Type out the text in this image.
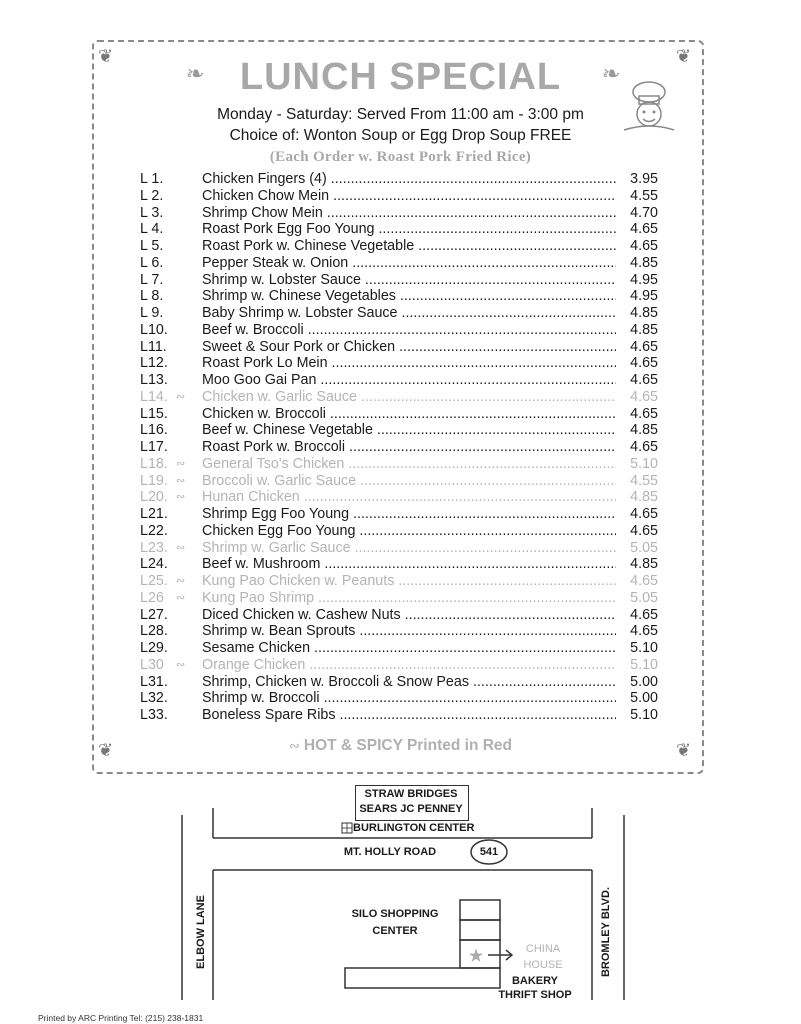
❦	❦
❦	❦
❧ LUNCH SPECIAL	❧
Monday - Saturday: Served From 11:00 am - 3:00 pm
Choice of: Wonton Soup or Egg Drop Soup FREE
(Each Order w. Roast Pork Fried Rice)
L 1.	Chicken Fingers (4) .....	3.95
L 2.	Chicken Chow Mein .....	4.55
L 3.	Shrimp Chow Mein .....	4.70
L 4.	Roast Pork Egg Foo Young .....	4.65
L 5.	Roast Pork w. Chinese Vegetable .....	4.65
L 6.	Pepper Steak w. Onion .....	4.85
L 7.	Shrimp w. Lobster Sauce .....	4.95
L 8.	Shrimp w. Chinese Vegetables .....	4.95
L 9.	Baby Shrimp w. Lobster Sauce .....	4.85
L10.	Beef w. Broccoli .....	4.85
L11.	Sweet & Sour Pork or Chicken .....	4.65
L12.	Roast Pork Lo Mein .....	4.65
L13.	Moo Goo Gai Pan .....	4.65
L14. ∾ Chicken w. Garlic Sauce .....	4.65
L15.	Chicken w. Broccoli .....	4.65
L16.	Beef w. Chinese Vegetable .....	4.85
L17.	Roast Pork w. Broccoli .....	4.65
L18. ∾ General Tso's Chicken .....	5.10
L19. ∾ Broccoli w. Garlic Sauce .....	4.55
L20. ∾ Hunan Chicken .....	4.85
L21.	Shrimp Egg Foo Young .....	4.65
L22.	Chicken Egg Foo Young .....	4.65
L23. ∾ Shrimp w. Garlic Sauce .....	5.05
L24.	Beef w. Mushroom .....	4.85
L25. ∾ Kung Pao Chicken w. Peanuts .....	4.65
L26	∾ Kung Pao Shrimp .....	5.05
L27.	Diced Chicken w. Cashew Nuts .....	4.65
L28.	Shrimp w. Bean Sprouts .....	4.65
L29.	Sesame Chicken .....	5.10
L30	∾ Orange Chicken .....	5.10
L31.	Shrimp, Chicken w. Broccoli & Snow Peas .....	5.00
L32.	Shrimp w. Broccoli .....	5.00
L33.	Boneless Spare Ribs .....	5.10
∾ HOT & SPICY Printed in Red
STRAW BRIDGES
SEARS JC PENNEY
BURLINGTON CENTER
MT. HOLLY ROAD	541
ELBOW LANE	BROMLEY BLVD.
SILO SHOPPING
CENTER
★	CHINA
HOUSE
BAKERY
THRIFT SHOP
Printed by ARC Printing Tel: (215) 238-1831
